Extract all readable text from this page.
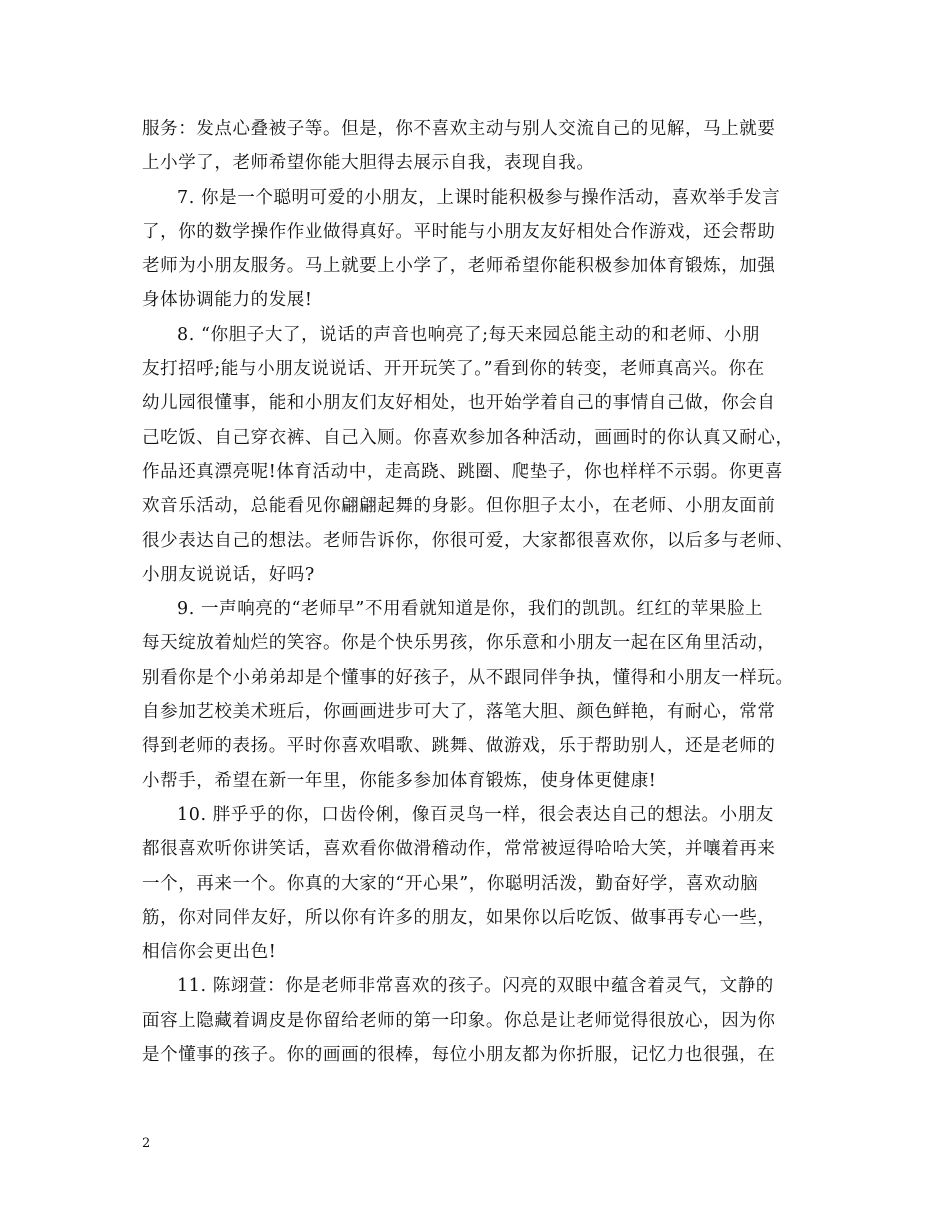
服务：发点心叠被子等。但是，你不喜欢主动与别人交流自己的见解，马上就要
上小学了，老师希望你能大胆得去展示自我，表现自我。

7. 你是一个聪明可爱的小朋友，上课时能积极参与操作活动，喜欢举手发言
了，你的数学操作作业做得真好。平时能与小朋友友好相处合作游戏，还会帮助
老师为小朋友服务。马上就要上小学了，老师希望你能积极参加体育锻炼，加强
身体协调能力的发展!

8. “你胆子大了，说话的声音也响亮了;每天来园总能主动的和老师、小朋
友打招呼;能与小朋友说说话、开开玩笑了。”看到你的转变，老师真高兴。你在
幼儿园很懂事，能和小朋友们友好相处，也开始学着自己的事情自己做，你会自
己吃饭、自己穿衣裤、自己入厕。你喜欢参加各种活动，画画时的你认真又耐心，
作品还真漂亮呢!体育活动中，走高跷、跳圈、爬垫子，你也样样不示弱。你更喜
欢音乐活动，总能看见你翩翩起舞的身影。但你胆子太小，在老师、小朋友面前
很少表达自己的想法。老师告诉你，你很可爱，大家都很喜欢你，以后多与老师、
小朋友说说话，好吗?

9. 一声响亮的“老师早”不用看就知道是你，我们的凯凯。红红的苹果脸上
每天绽放着灿烂的笑容。你是个快乐男孩，你乐意和小朋友一起在区角里活动，
别看你是个小弟弟却是个懂事的好孩子，从不跟同伴争执，懂得和小朋友一样玩。
自参加艺校美术班后，你画画进步可大了，落笔大胆、颜色鲜艳，有耐心，常常
得到老师的表扬。平时你喜欢唱歌、跳舞、做游戏，乐于帮助别人，还是老师的
小帮手，希望在新一年里，你能多参加体育锻炼，使身体更健康!

10. 胖乎乎的你，口齿伶俐，像百灵鸟一样，很会表达自己的想法。小朋友
都很喜欢听你讲笑话，喜欢看你做滑稽动作，常常被逗得哈哈大笑，并嚷着再来
一个，再来一个。你真的大家的“开心果”，你聪明活泼，勤奋好学，喜欢动脑
筋，你对同伴友好，所以你有许多的朋友，如果你以后吃饭、做事再专心一些，
相信你会更出色!

11. 陈翊萱：你是老师非常喜欢的孩子。闪亮的双眼中蕴含着灵气，文静的
面容上隐藏着调皮是你留给老师的第一印象。你总是让老师觉得很放心，因为你
是个懂事的孩子。你的画画的很棒，每位小朋友都为你折服，记忆力也很强，在

2
